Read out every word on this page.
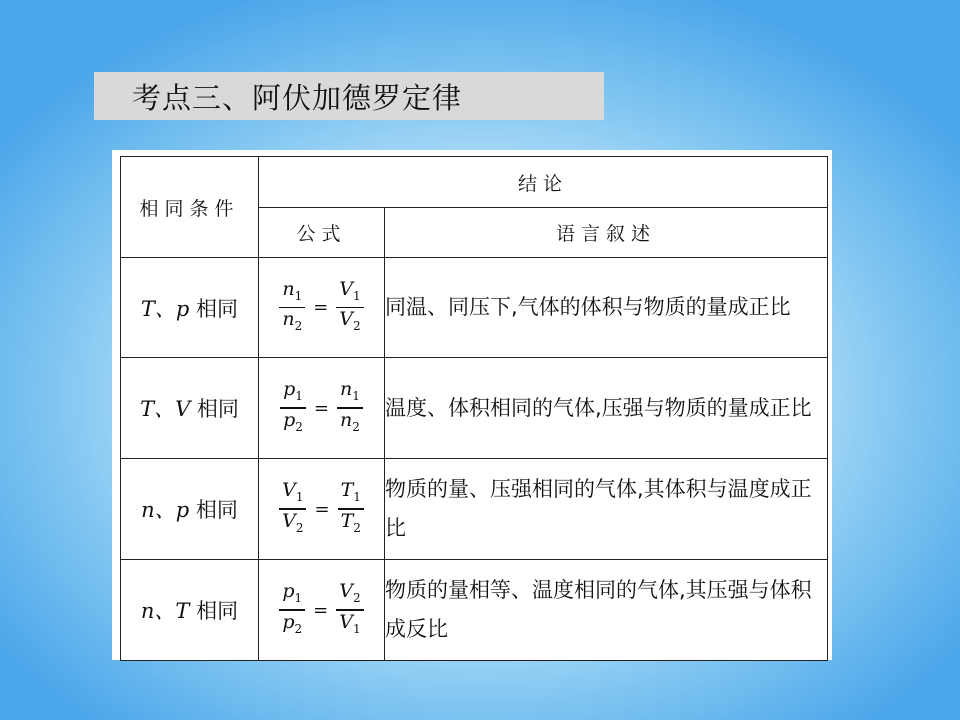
考点三、阿伏加德罗定律
相同条件	结论	
	公式	语言叙述
T、p 相同	$\frac{n_1}{n_2} = \frac{V_1}{V_2}$	同温、同压下,气体的体积与物质的量成正比
T、V 相同	$\frac{p_1}{p_2} = \frac{n_1}{n_2}$	温度、体积相同的气体,压强与物质的量成正比
n、p 相同	$\frac{V_1}{V_2} = \frac{T_1}{T_2}$	物质的量、压强相同的气体,其体积与温度成正比
n、T 相同	$\frac{p_1}{p_2} = \frac{V_2}{V_1}$	物质的量相等、温度相同的气体,其压强与体积成反比
